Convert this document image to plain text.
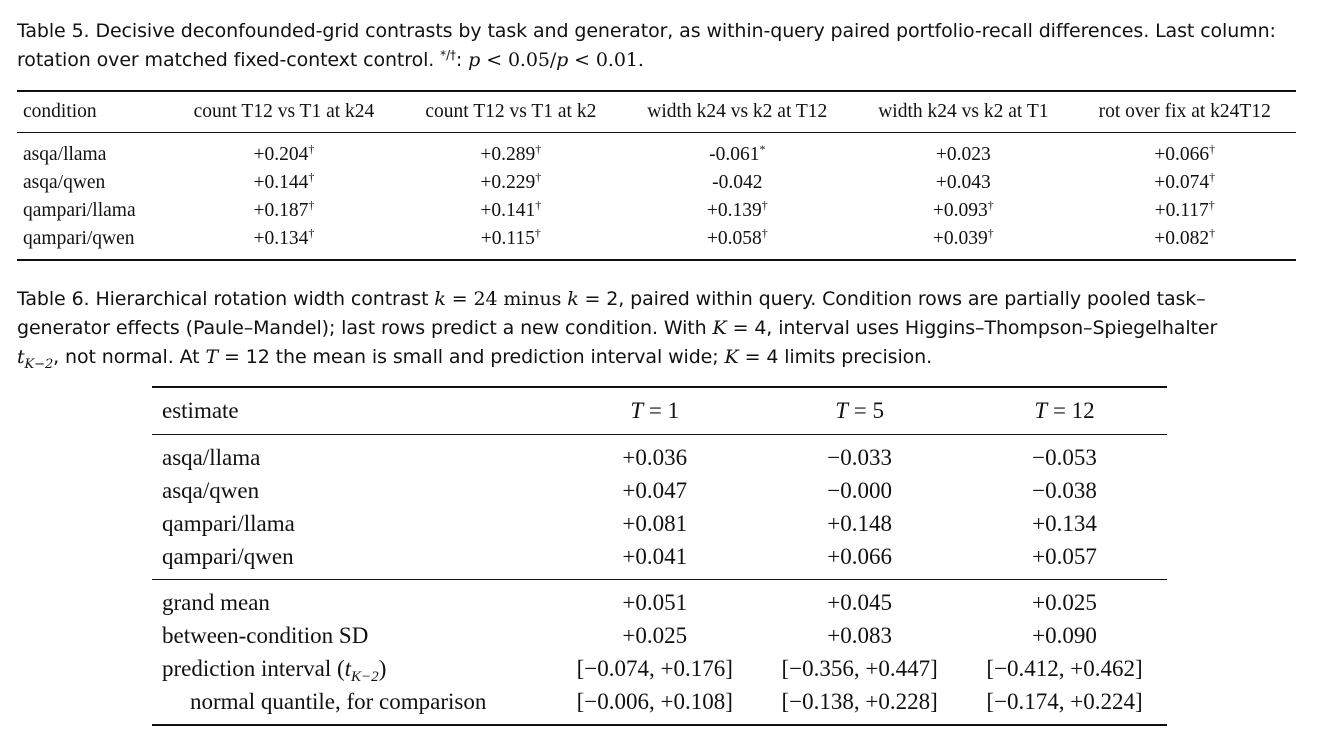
Table 5. Decisive deconfounded-grid contrasts by task and generator, as within-query paired portfolio-recall differences. Last column:
rotation over matched fixed-context control. */†: p < 0.05/p < 0.01.
condition	count T12 vs T1 at k24	count T12 vs T1 at k2	width k24 vs k2 at T12	width k24 vs k2 at T1	rot over fix at k24T12
asqa/llama	+0.204†	+0.289†	-0.061*	+0.023	+0.066†
asqa/qwen	+0.144†	+0.229†	-0.042	+0.043	+0.074†
qampari/llama	+0.187†	+0.141†	+0.139†	+0.093†	+0.117†
qampari/qwen	+0.134†	+0.115†	+0.058†	+0.039†	+0.082†
Table 6. Hierarchical rotation width contrast k = 24 minus k = 2, paired within query. Condition rows are partially pooled task–
generator effects (Paule–Mandel); last rows predict a new condition. With K = 4, interval uses Higgins–Thompson–Spiegelhalter
$t_{K-2}$, not normal. At T = 12 the mean is small and prediction interval wide; K = 4 limits precision.
estimate	T = 1	T = 5	T = 12
asqa/llama	+0.036	−0.033	−0.053
asqa/qwen	+0.047	−0.000	−0.038
qampari/llama	+0.081	+0.148	+0.134
qampari/qwen	+0.041	+0.066	+0.057
grand mean	+0.051	+0.045	+0.025
between-condition SD	+0.025	+0.083	+0.090
prediction interval $(t_{K-2})$	[−0.074, +0.176]	[−0.356, +0.447]	[−0.412, +0.462]
normal quantile, for comparison	[−0.006, +0.108]	[−0.138, +0.228]	[−0.174, +0.224]
